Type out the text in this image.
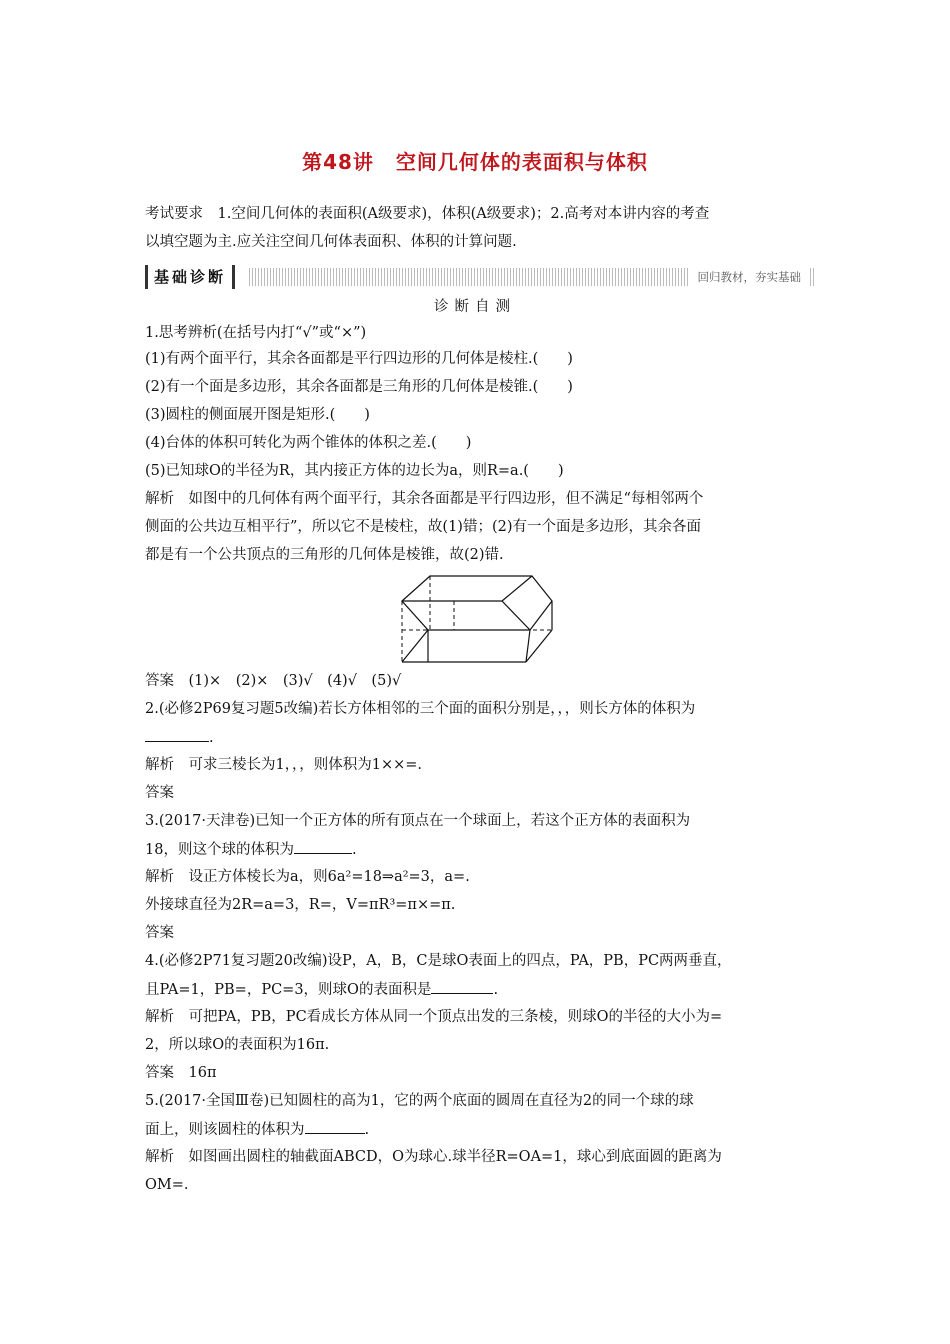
第48讲 空间几何体的表面积与体积
考试要求　1.空间几何体的表面积(A级要求)，体积(A级要求)；2.高考对本讲内容的考查
以填空题为主.应关注空间几何体表面积、体积的计算问题.
基础诊断	回归教材，夯实基础
诊断自测
1.思考辨析(在括号内打“√”或“×”)
(1)有两个面平行，其余各面都是平行四边形的几何体是棱柱.(　　)
(2)有一个面是多边形，其余各面都是三角形的几何体是棱锥.(　　)
(3)圆柱的侧面展开图是矩形.(　　)
(4)台体的体积可转化为两个锥体的体积之差.(　　)
(5)已知球O的半径为R，其内接正方体的边长为a，则R=a.(　　)
解析　如图中的几何体有两个面平行，其余各面都是平行四边形，但不满足“每相邻两个
侧面的公共边互相平行”，所以它不是棱柱，故(1)错；(2)有一个面是多边形，其余各面
都是有一个公共顶点的三角形的几何体是棱锥，故(2)错.
答案　(1)×　(2)×　(3)√　(4)√　(5)√
2.(必修2P69复习题5改编)若长方体相邻的三个面的面积分别是，，，则长方体的体积为
.
解析　可求三棱长为1，，，则体积为1××=.
答案
3.(2017·天津卷)已知一个正方体的所有顶点在一个球面上，若这个正方体的表面积为
18，则这个球的体积为	.
解析　设正方体棱长为a，则6a²=18⇒a²=3，a=.
外接球直径为2R=a=3，R=，V=πR³=π×=π.
答案
4.(必修2P71复习题20改编)设P，A，B，C是球O表面上的四点，PA，PB，PC两两垂直，
且PA=1，PB=，PC=3，则球O的表面积是	.
解析　可把PA，PB，PC看成长方体从同一个顶点出发的三条棱，则球O的半径的大小为=
2，所以球O的表面积为16π.
答案　16π
5.(2017·全国Ⅲ卷)已知圆柱的高为1，它的两个底面的圆周在直径为2的同一个球的球
面上，则该圆柱的体积为	.
解析　如图画出圆柱的轴截面ABCD，O为球心.球半径R=OA=1，球心到底面圆的距离为
OM=.
